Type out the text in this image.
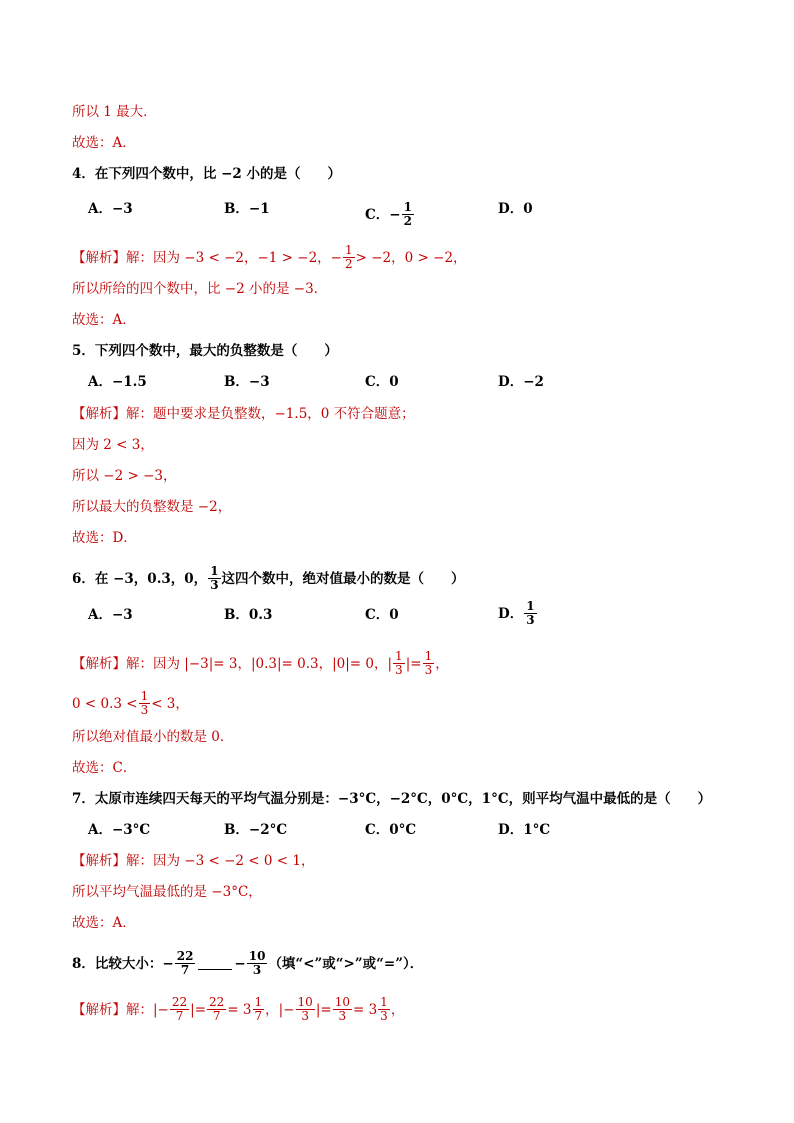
所以 1 最大．
故选： A ．
4．在下列四个数中，比 −2 小的是（　　）
A．−3	B．−1	C．− $\frac{1}{2}$	D．0
【解析】 解： 因为 −3 < −2，−1 > −2，− $\frac{1}{2} > -2$，0 > −2，
所以所给的四个数中，比 −2 小的是 −3．
故选： A ．
5．下列四个数中，最大的负整数是（　　）
A．−1.5	B．−3	C．0	D．−2
【解析】 解： 题中要求是负整数，−1.5，0 不符合题意；
因为 2 < 3，
所以 −2 > −3，
所以最大的负整数是 −2，
故选： D ．
6．在 −3，0.3，0， $\frac{1}{3}$ 这四个数中，绝对值最小的数是（　　）
A．−3	B．0.3	C．0	D． $\frac{1}{3}$
【解析】 解： 因为 |−3|= 3，|0.3|= 0.3，|0|= 0，| $\frac{1}{3}$ |= $\frac{1}{3}$ ，
$0 < 0.3 < \frac{1}{3} < 3$，
所以绝对值最小的数是 0．
故选： C ．
7．太原市连续四天每天的平均气温分别是：−3°C，−2°C，0°C，1°C，则平均气温中最低的是（　　）
A．−3°C	B．−2°C	C．0°C	D．1°C
【解析】 解： 因为 −3 < −2 < 0 < 1，
所以平均气温最低的是 −3°C，
故选： A ．
8．比较大小：− $\frac{22}{7}$	− $\frac{10}{3}$ （填“<”或“>”或“=”）．
【解析】 解： |− $\frac{22}{7}$ |= $\frac{22}{7} = 3 \frac{1}{7}$ ，|− $\frac{10}{3}$ |= $\frac{10}{3} = 3 \frac{1}{3}$ ，
